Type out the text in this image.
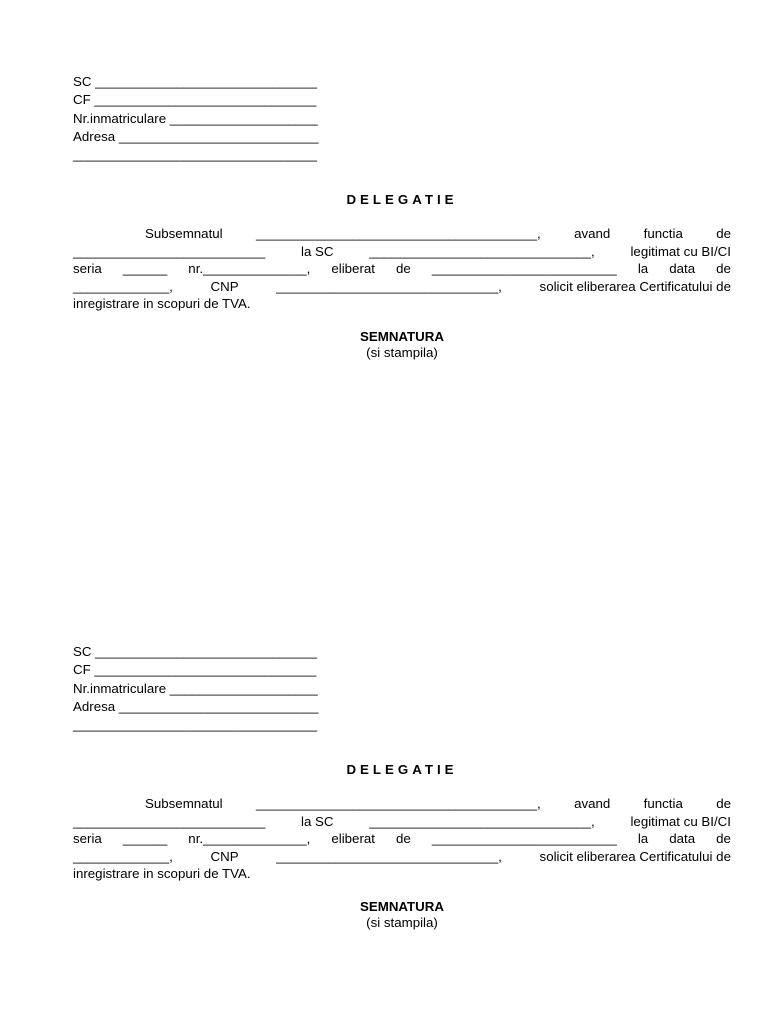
SC ______________________________
CF ______________________________
Nr.inmatriculare ____________________
Adresa ___________________________
_________________________________
DELEGATIE
Subsemnatul	______________________________________,	avand	functia	de
__________________________	la SC	______________________________,	legitimat cu BI/CI
seria ______ nr.______________, eliberat de _________________________ la data de
_____________,	CNP	______________________________,	solicit eliberarea Certificatului de
inregistrare in scopuri de TVA.
SEMNATURA
(si stampila)
SC ______________________________
CF ______________________________
Nr.inmatriculare ____________________
Adresa ___________________________
_________________________________
DELEGATIE
Subsemnatul	______________________________________,	avand	functia	de
__________________________	la SC	______________________________,	legitimat cu BI/CI
seria ______ nr.______________, eliberat de _________________________ la data de
_____________,	CNP	______________________________,	solicit eliberarea Certificatului de
inregistrare in scopuri de TVA.
SEMNATURA
(si stampila)
